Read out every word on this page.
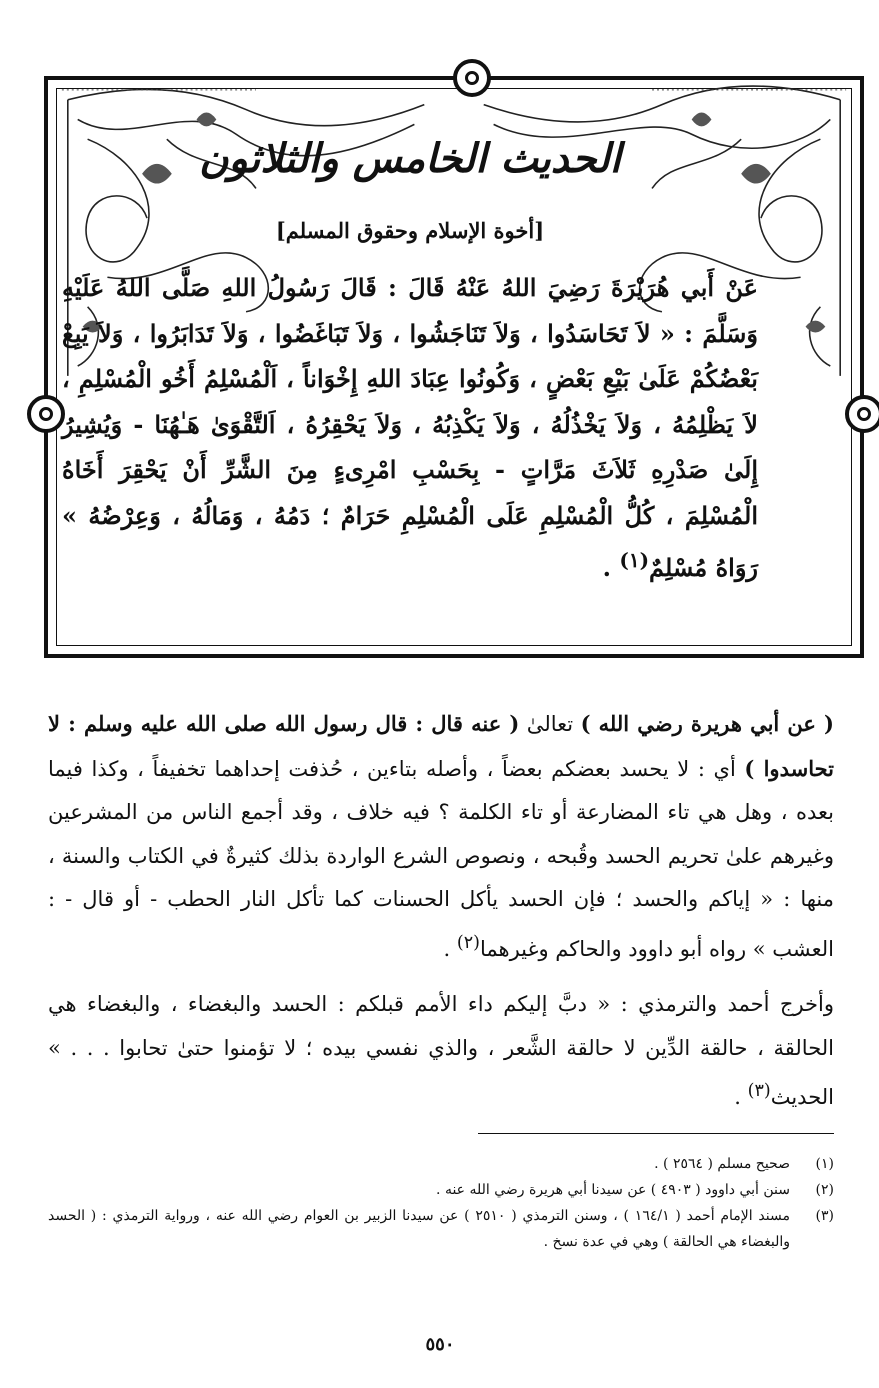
الحديث الخامس والثلاثون
[أخوة الإسلام وحقوق المسلم]
عَنْ أَبي هُرَيْرَةَ رَضِيَ اللهُ عَنْهُ قَالَ : قَالَ رَسُولُ اللهِ صَلَّى اللهُ عَلَيْهِ وَسَلَّمَ : « لاَ تَحَاسَدُوا ، وَلاَ تَنَاجَشُوا ، وَلاَ تَبَاغَضُوا ، وَلاَ تَدَابَرُوا ، وَلاَ يَبِعْ بَعْضُكُمْ عَلَىٰ بَيْعِ بَعْضٍ ، وَكُونُوا عِبَادَ اللهِ إِخْوَاناً ، اَلْمُسْلِمُ أَخُو الْمُسْلِمِ ، لاَ يَظْلِمُهُ ، وَلاَ يَخْذُلُهُ ، وَلاَ يَكْذِبُهُ ، وَلاَ يَحْقِرُهُ ، اَلتَّقْوَىٰ هَـٰهُنَا - وَيُشِيرُ إِلَىٰ صَدْرِهِ ثَلاَثَ مَرَّاتٍ - بِحَسْبِ امْرِىءٍ مِنَ الشَّرِّ أَنْ يَحْقِرَ أَخَاهُ الْمُسْلِمَ ، كُلُّ الْمُسْلِمِ عَلَى الْمُسْلِمِ حَرَامٌ ؛ دَمُهُ ، وَمَالُهُ ، وَعِرْضُهُ » رَوَاهُ مُسْلِمٌ$^{(١)}$ .
( عن أبي هريرة رضي الله ) تعالىٰ ( عنه قال : قال رسول الله صلى الله عليه وسلم : لا تحاسدوا ) أي : لا يحسد بعضكم بعضاً ، وأصله بتاءين ، حُذفت إحداهما تخفيفاً ، وكذا فيما بعده ، وهل هي تاء المضارعة أو تاء الكلمة ؟ فيه خلاف ، وقد أجمع الناس من المشرعين وغيرهم علىٰ تحريم الحسد وقُبحه ، ونصوص الشرع الواردة بذلك كثيرةٌ في الكتاب والسنة ، منها : « إياكم والحسد ؛ فإن الحسد يأكل الحسنات كما تأكل النار الحطب - أو قال - : العشب » رواه أبو داوود والحاكم وغيرهما$^{(٢)}$ .
وأخرج أحمد والترمذي : « دبَّ إليكم داء الأمم قبلكم : الحسد والبغضاء ، والبغضاء هي الحالقة ، حالقة الدِّين لا حالقة الشَّعر ، والذي نفسي بيده ؛ لا تؤمنوا حتىٰ تحابوا . . . » الحديث$^{(٣)}$ .
(١)
صحيح مسلم ( ٢٥٦٤ ) .
(٢)
سنن أبي داوود ( ٤٩٠٣ ) عن سيدنا أبي هريرة رضي الله عنه .
(٣)
مسند الإمام أحمد ( ١٦٤/١ ) ، وسنن الترمذي ( ٢٥١٠ ) عن سيدنا الزبير بن العوام رضي الله عنه ، ورواية الترمذي : ( الحسد والبغضاء هي الحالقة ) وهي في عدة نسخ .
٥٥٠
